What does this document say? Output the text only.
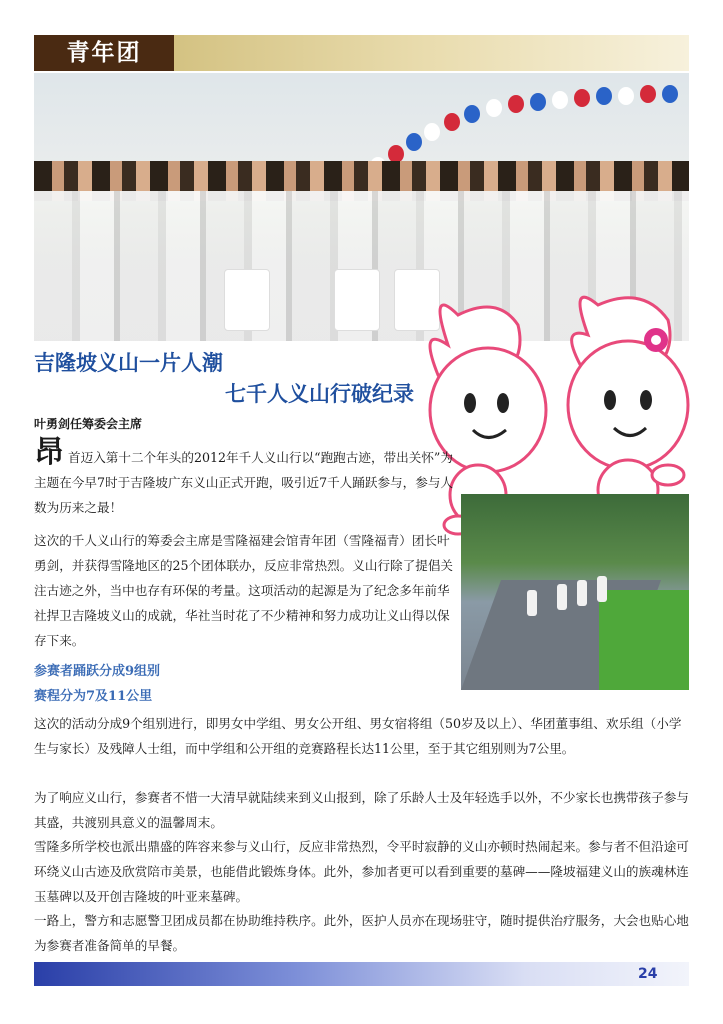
青年团
吉隆坡义山一片人潮
七千人义山行破纪录
叶勇剑任筹委会主席

昂首迈入第十二个年头的2012年千人义山行以“跑跑古迹，带出关怀”为主题在今早7时于吉隆坡广东义山正式开跑，吸引近7千人踊跃参与，参与人数为历来之最！

这次的千人义山行的筹委会主席是雪隆福建会馆青年团（雪隆福青）团长叶勇剑，并获得雪隆地区的25个团体联办，反应非常热烈。义山行除了提倡关注古迹之外，当中也存有环保的考量。这项活动的起源是为了纪念多年前华社捍卫吉隆坡义山的成就，华社当时花了不少精神和努力成功让义山得以保存下来。

参赛者踊跃分成9组别
赛程分为7及11公里

这次的活动分成9个组别进行，即男女中学组、男女公开组、男女宿将组（50岁及以上）、华团董事组、欢乐组（小学生与家长）及残障人士组，而中学组和公开组的竞赛路程长达11公里，至于其它组别则为7公里。

为了响应义山行，参赛者不惜一大清早就陆续来到义山报到，除了乐龄人士及年轻选手以外，不少家长也携带孩子参与其盛，共渡别具意义的温馨周末。

雪隆多所学校也派出鼎盛的阵容来参与义山行，反应非常热烈，令平时寂静的义山亦顿时热闹起来。参与者不但沿途可环绕义山古迹及欣赏陪市美景，也能借此锻炼身体。此外，参加者更可以看到重要的墓碑——隆坡福建义山的族魂林连玉墓碑以及开创吉隆坡的叶亚来墓碑。

一路上，警方和志愿警卫团成员都在协助维持秩序。此外，医护人员亦在现场驻守，随时提供治疗服务，大会也贴心地为参赛者准备简单的早餐。

24
